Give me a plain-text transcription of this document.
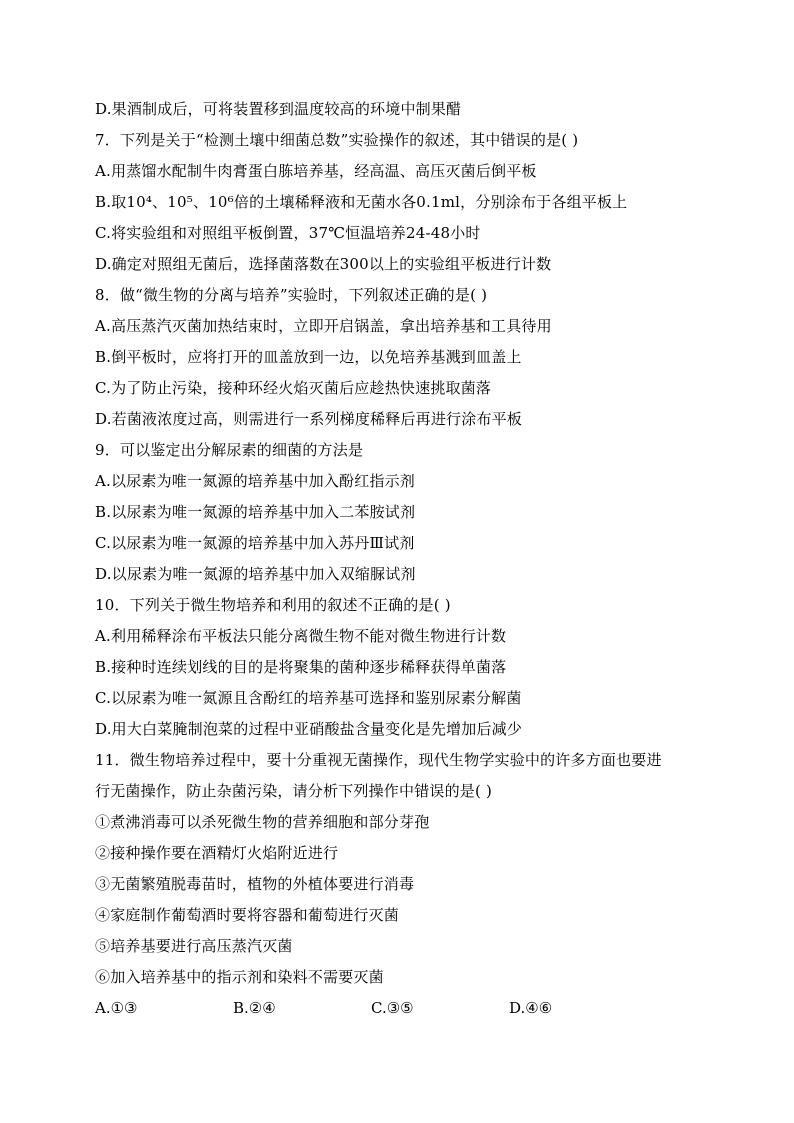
D.果酒制成后，可将装置移到温度较高的环境中制果醋
7．下列是关于“检测土壤中细菌总数”实验操作的叙述，其中错误的是( )
A.用蒸馏水配制牛肉膏蛋白胨培养基，经高温、高压灭菌后倒平板
B.取10⁴、10⁵、10⁶倍的土壤稀释液和无菌水各0.1ml，分别涂布于各组平板上
C.将实验组和对照组平板倒置，37℃恒温培养24-48小时
D.确定对照组无菌后，选择菌落数在300以上的实验组平板进行计数
8．做“微生物的分离与培养”实验时，下列叙述正确的是( )
A.高压蒸汽灭菌加热结束时，立即开启锅盖，拿出培养基和工具待用
B.倒平板时，应将打开的皿盖放到一边，以免培养基溅到皿盖上
C.为了防止污染，接种环经火焰灭菌后应趁热快速挑取菌落
D.若菌液浓度过高，则需进行一系列梯度稀释后再进行涂布平板
9．可以鉴定出分解尿素的细菌的方法是
A.以尿素为唯一氮源的培养基中加入酚红指示剂
B.以尿素为唯一氮源的培养基中加入二苯胺试剂
C.以尿素为唯一氮源的培养基中加入苏丹Ⅲ试剂
D.以尿素为唯一氮源的培养基中加入双缩脲试剂
10．下列关于微生物培养和利用的叙述不正确的是( )
A.利用稀释涂布平板法只能分离微生物不能对微生物进行计数
B.接种时连续划线的目的是将聚集的菌种逐步稀释获得单菌落
C.以尿素为唯一氮源且含酚红的培养基可选择和鉴别尿素分解菌
D.用大白菜腌制泡菜的过程中亚硝酸盐含量变化是先增加后减少
11．微生物培养过程中，要十分重视无菌操作，现代生物学实验中的许多方面也要进
行无菌操作，防止杂菌污染，请分析下列操作中错误的是( )
①煮沸消毒可以杀死微生物的营养细胞和部分芽孢
②接种操作要在酒精灯火焰附近进行
③无菌繁殖脱毒苗时，植物的外植体要进行消毒
④家庭制作葡萄酒时要将容器和葡萄进行灭菌
⑤培养基要进行高压蒸汽灭菌
⑥加入培养基中的指示剂和染料不需要灭菌
A.①③	B.②④	C.③⑤	D.④⑥
